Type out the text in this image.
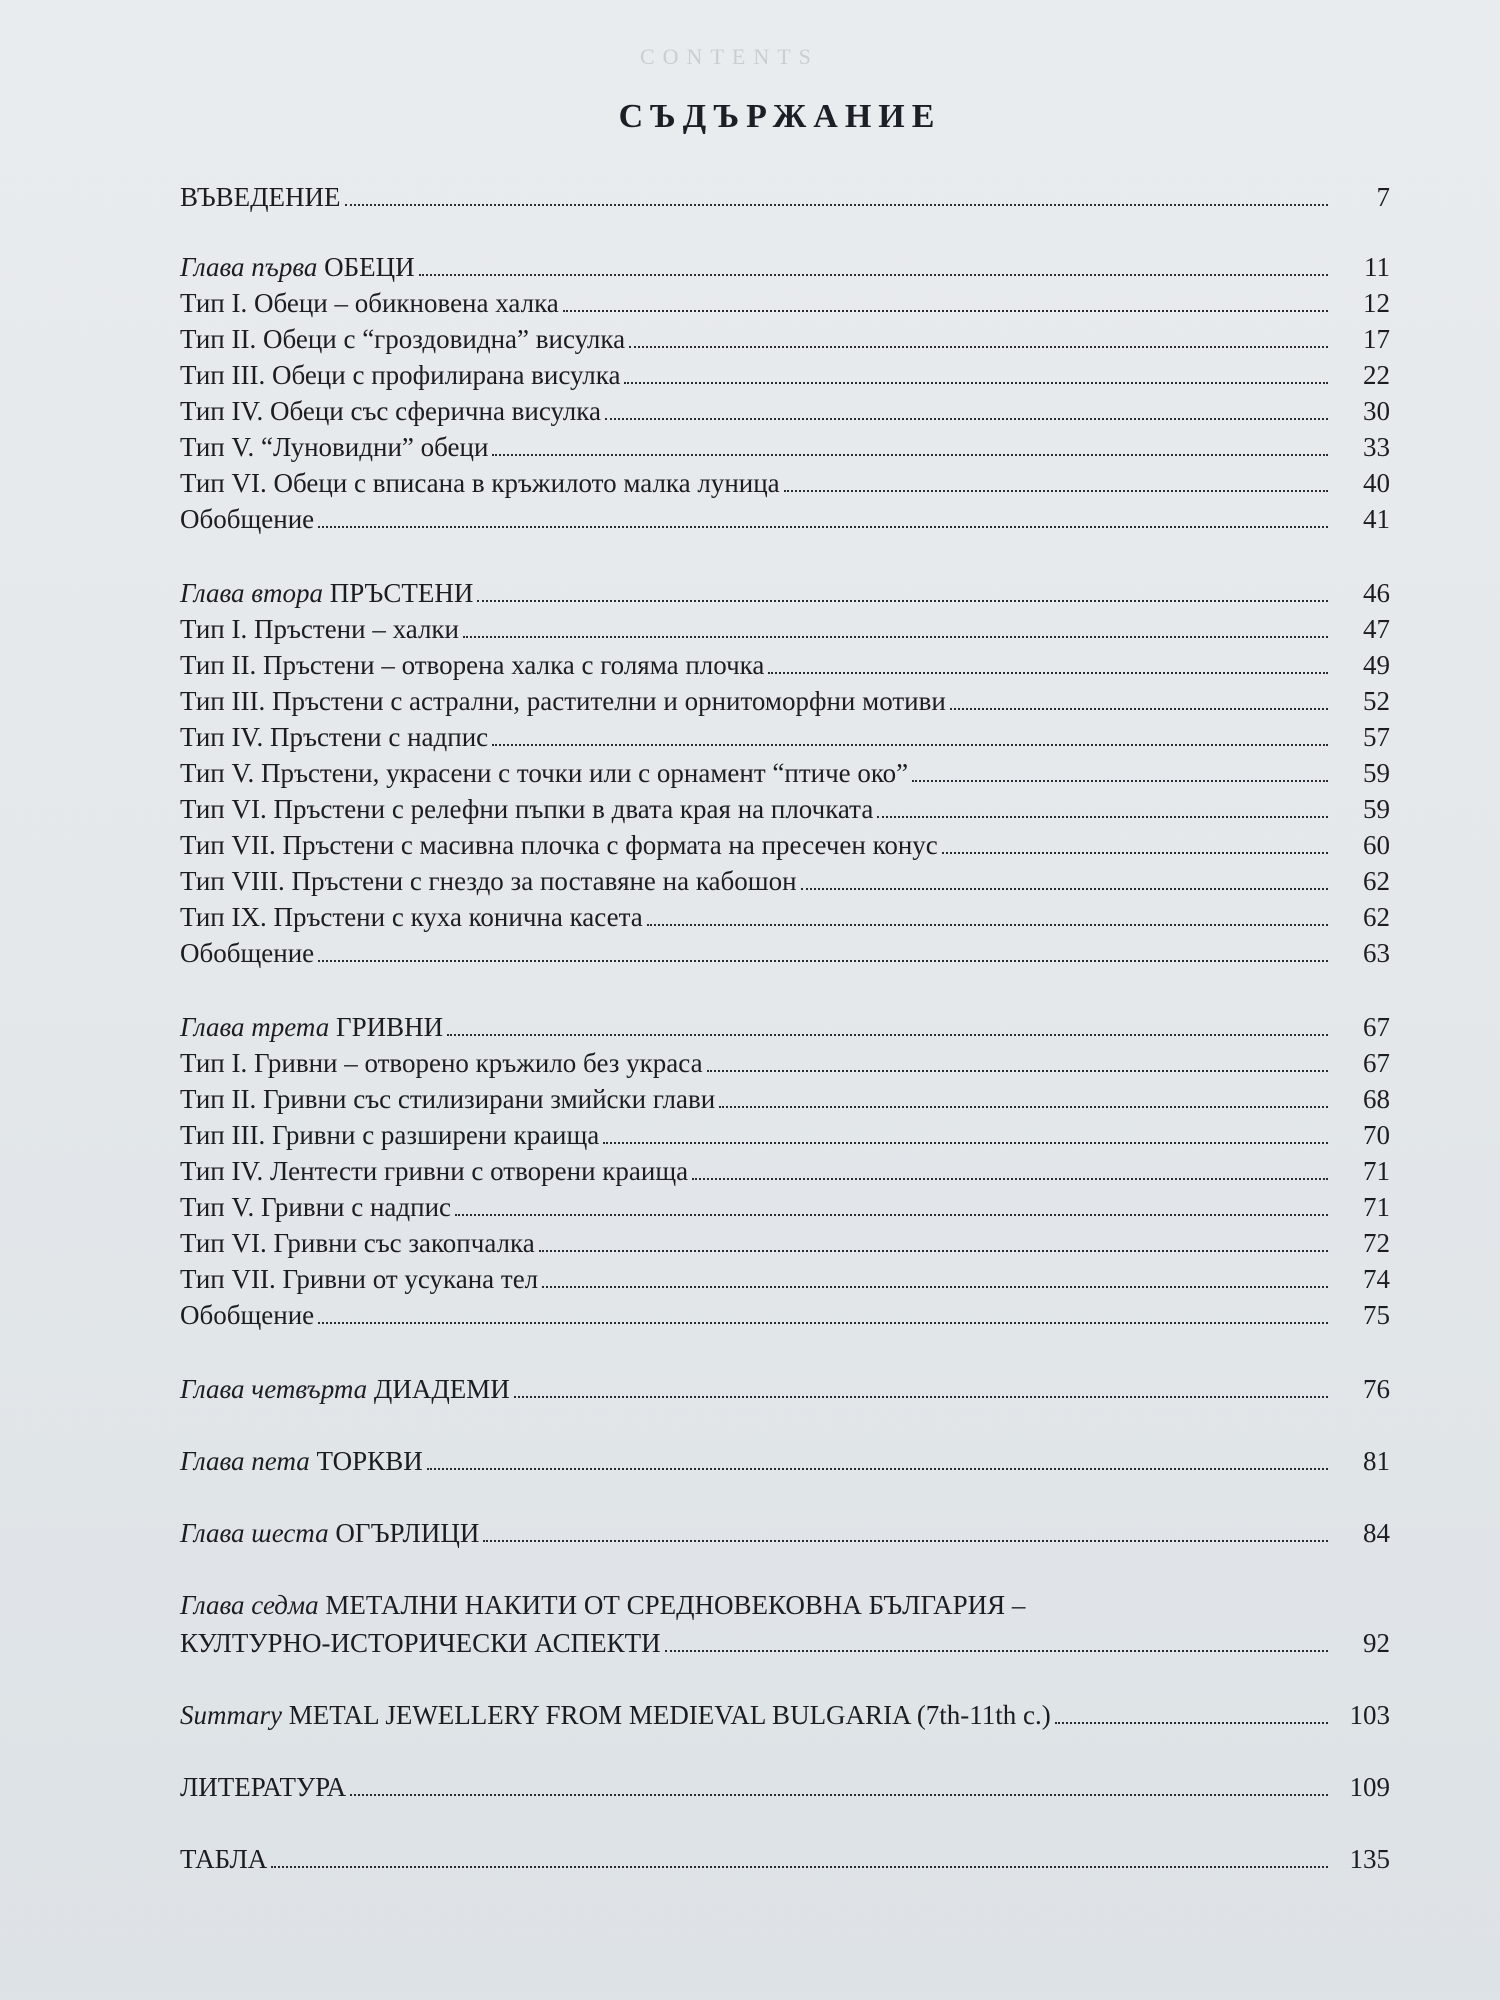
CONTENTS
СЪДЪРЖАНИЕ
ВЪВЕДЕНИЕ	7
Глава първа ОБЕЦИ	11
Тип I. Обеци – обикновена халка	12
Тип II. Обеци с “гроздовидна” висулка	17
Тип III. Обеци с профилирана висулка	22
Тип IV. Обеци със сферична висулка	30
Тип V. “Луновидни” обеци	33
Тип VI. Обеци с вписана в кръжилото малка луница	40
Обобщение	41
Глава втора ПРЪСТЕНИ	46
Тип I. Пръстени – халки	47
Тип II. Пръстени – отворена халка с голяма плочка	49
Тип III. Пръстени с астрални, растителни и орнитоморфни мотиви	52
Тип IV. Пръстени с надпис	57
Тип V. Пръстени, украсени с точки или с орнамент “птиче око”	59
Тип VI. Пръстени с релефни пъпки в двата края на плочката	59
Тип VII. Пръстени с масивна плочка с формата на пресечен конус	60
Тип VIII. Пръстени с гнездо за поставяне на кабошон	62
Тип IX. Пръстени с куха конична касета	62
Обобщение	63
Глава трета ГРИВНИ	67
Тип I. Гривни – отворено кръжило без украса	67
Тип II. Гривни със стилизирани змийски глави	68
Тип III. Гривни с разширени краища	70
Тип IV. Лентести гривни с отворени краища	71
Тип V. Гривни с надпис	71
Тип VI. Гривни със закопчалка	72
Тип VII. Гривни от усукана тел	74
Обобщение	75
Глава четвърта ДИАДЕМИ	76
Глава пета ТОРКВИ	81
Глава шеста ОГЪРЛИЦИ	84
Глава седма МЕТАЛНИ НАКИТИ ОТ СРЕДНОВЕКОВНА БЪЛГАРИЯ –
КУЛТУРНО-ИСТОРИЧЕСКИ АСПЕКТИ	92
Summary METAL JEWELLERY FROM MEDIEVAL BULGARIA (7th-11th c.)	103
ЛИТЕРАТУРА	109
ТАБЛА	135
